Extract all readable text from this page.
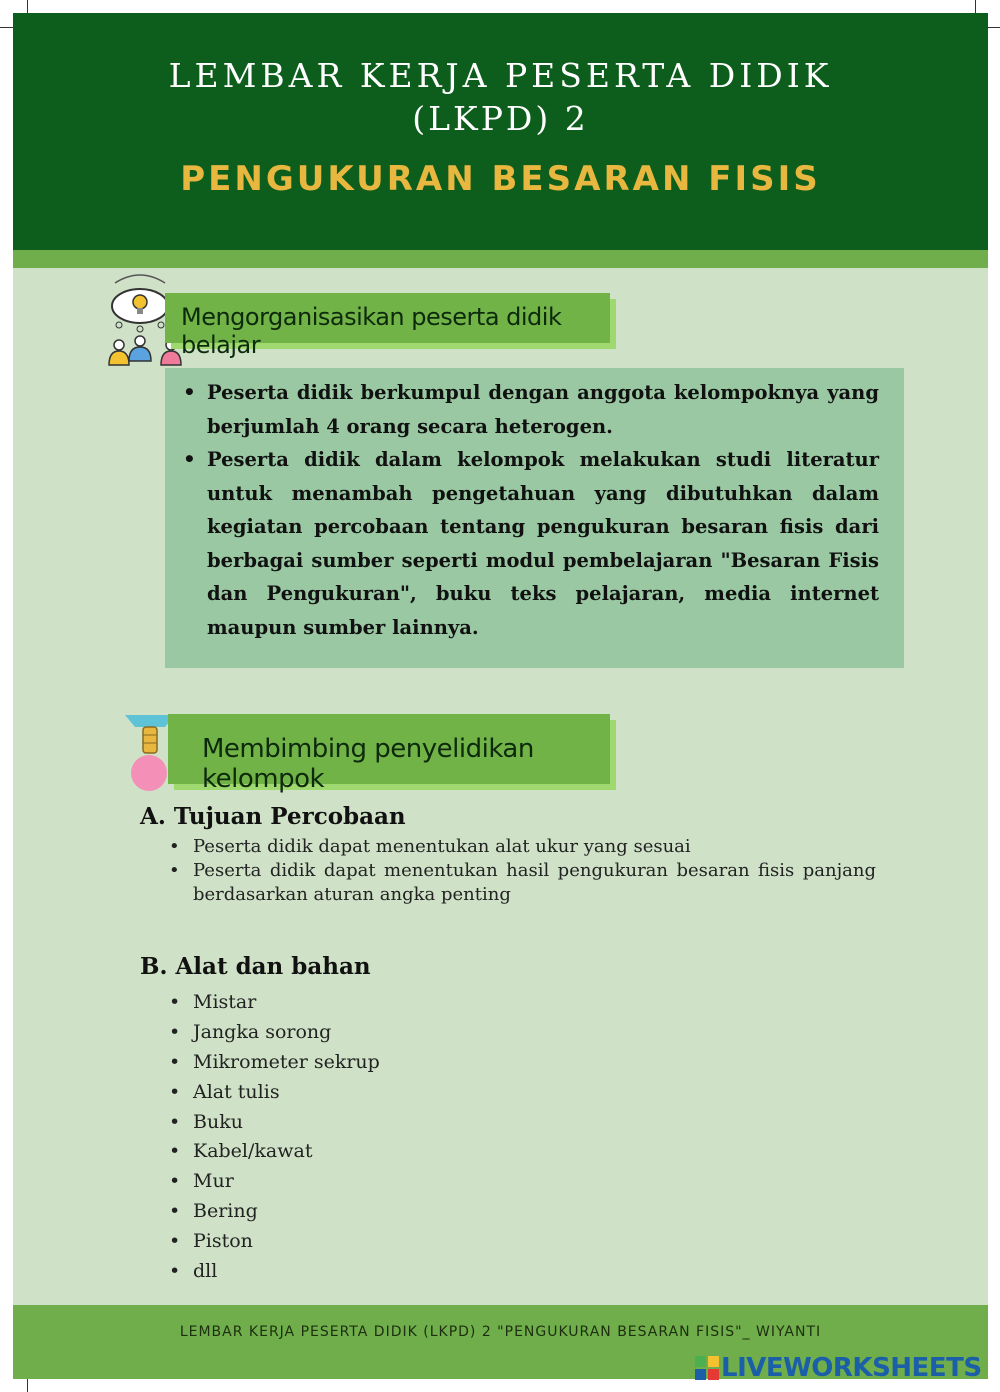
LEMBAR KERJA PESERTA DIDIK
(LKPD) 2
PENGUKURAN BESARAN FISIS
Mengorganisasikan peserta didik belajar
• Peserta didik berkumpul dengan anggota kelompoknya yang berjumlah 4 orang secara heterogen.
• Peserta didik dalam kelompok melakukan studi literatur untuk menambah pengetahuan yang dibutuhkan dalam kegiatan percobaan tentang pengukuran besaran fisis dari berbagai sumber seperti modul pembelajaran "Besaran Fisis dan Pengukuran", buku teks pelajaran, media internet maupun sumber lainnya.
Membimbing penyelidikan kelompok
A. Tujuan Percobaan
• Peserta didik dapat menentukan alat ukur yang sesuai
• Peserta didik dapat menentukan hasil pengukuran besaran fisis panjang berdasarkan aturan angka penting
B. Alat dan bahan
• Mistar
• Jangka sorong
• Mikrometer sekrup
• Alat tulis
• Buku
• Kabel/kawat
• Mur
• Bering
• Piston
• dll
LEMBAR KERJA PESERTA DIDIK (LKPD) 2 "PENGUKURAN BESARAN FISIS"_ WIYANTI
LIVEWORKSHEETS
